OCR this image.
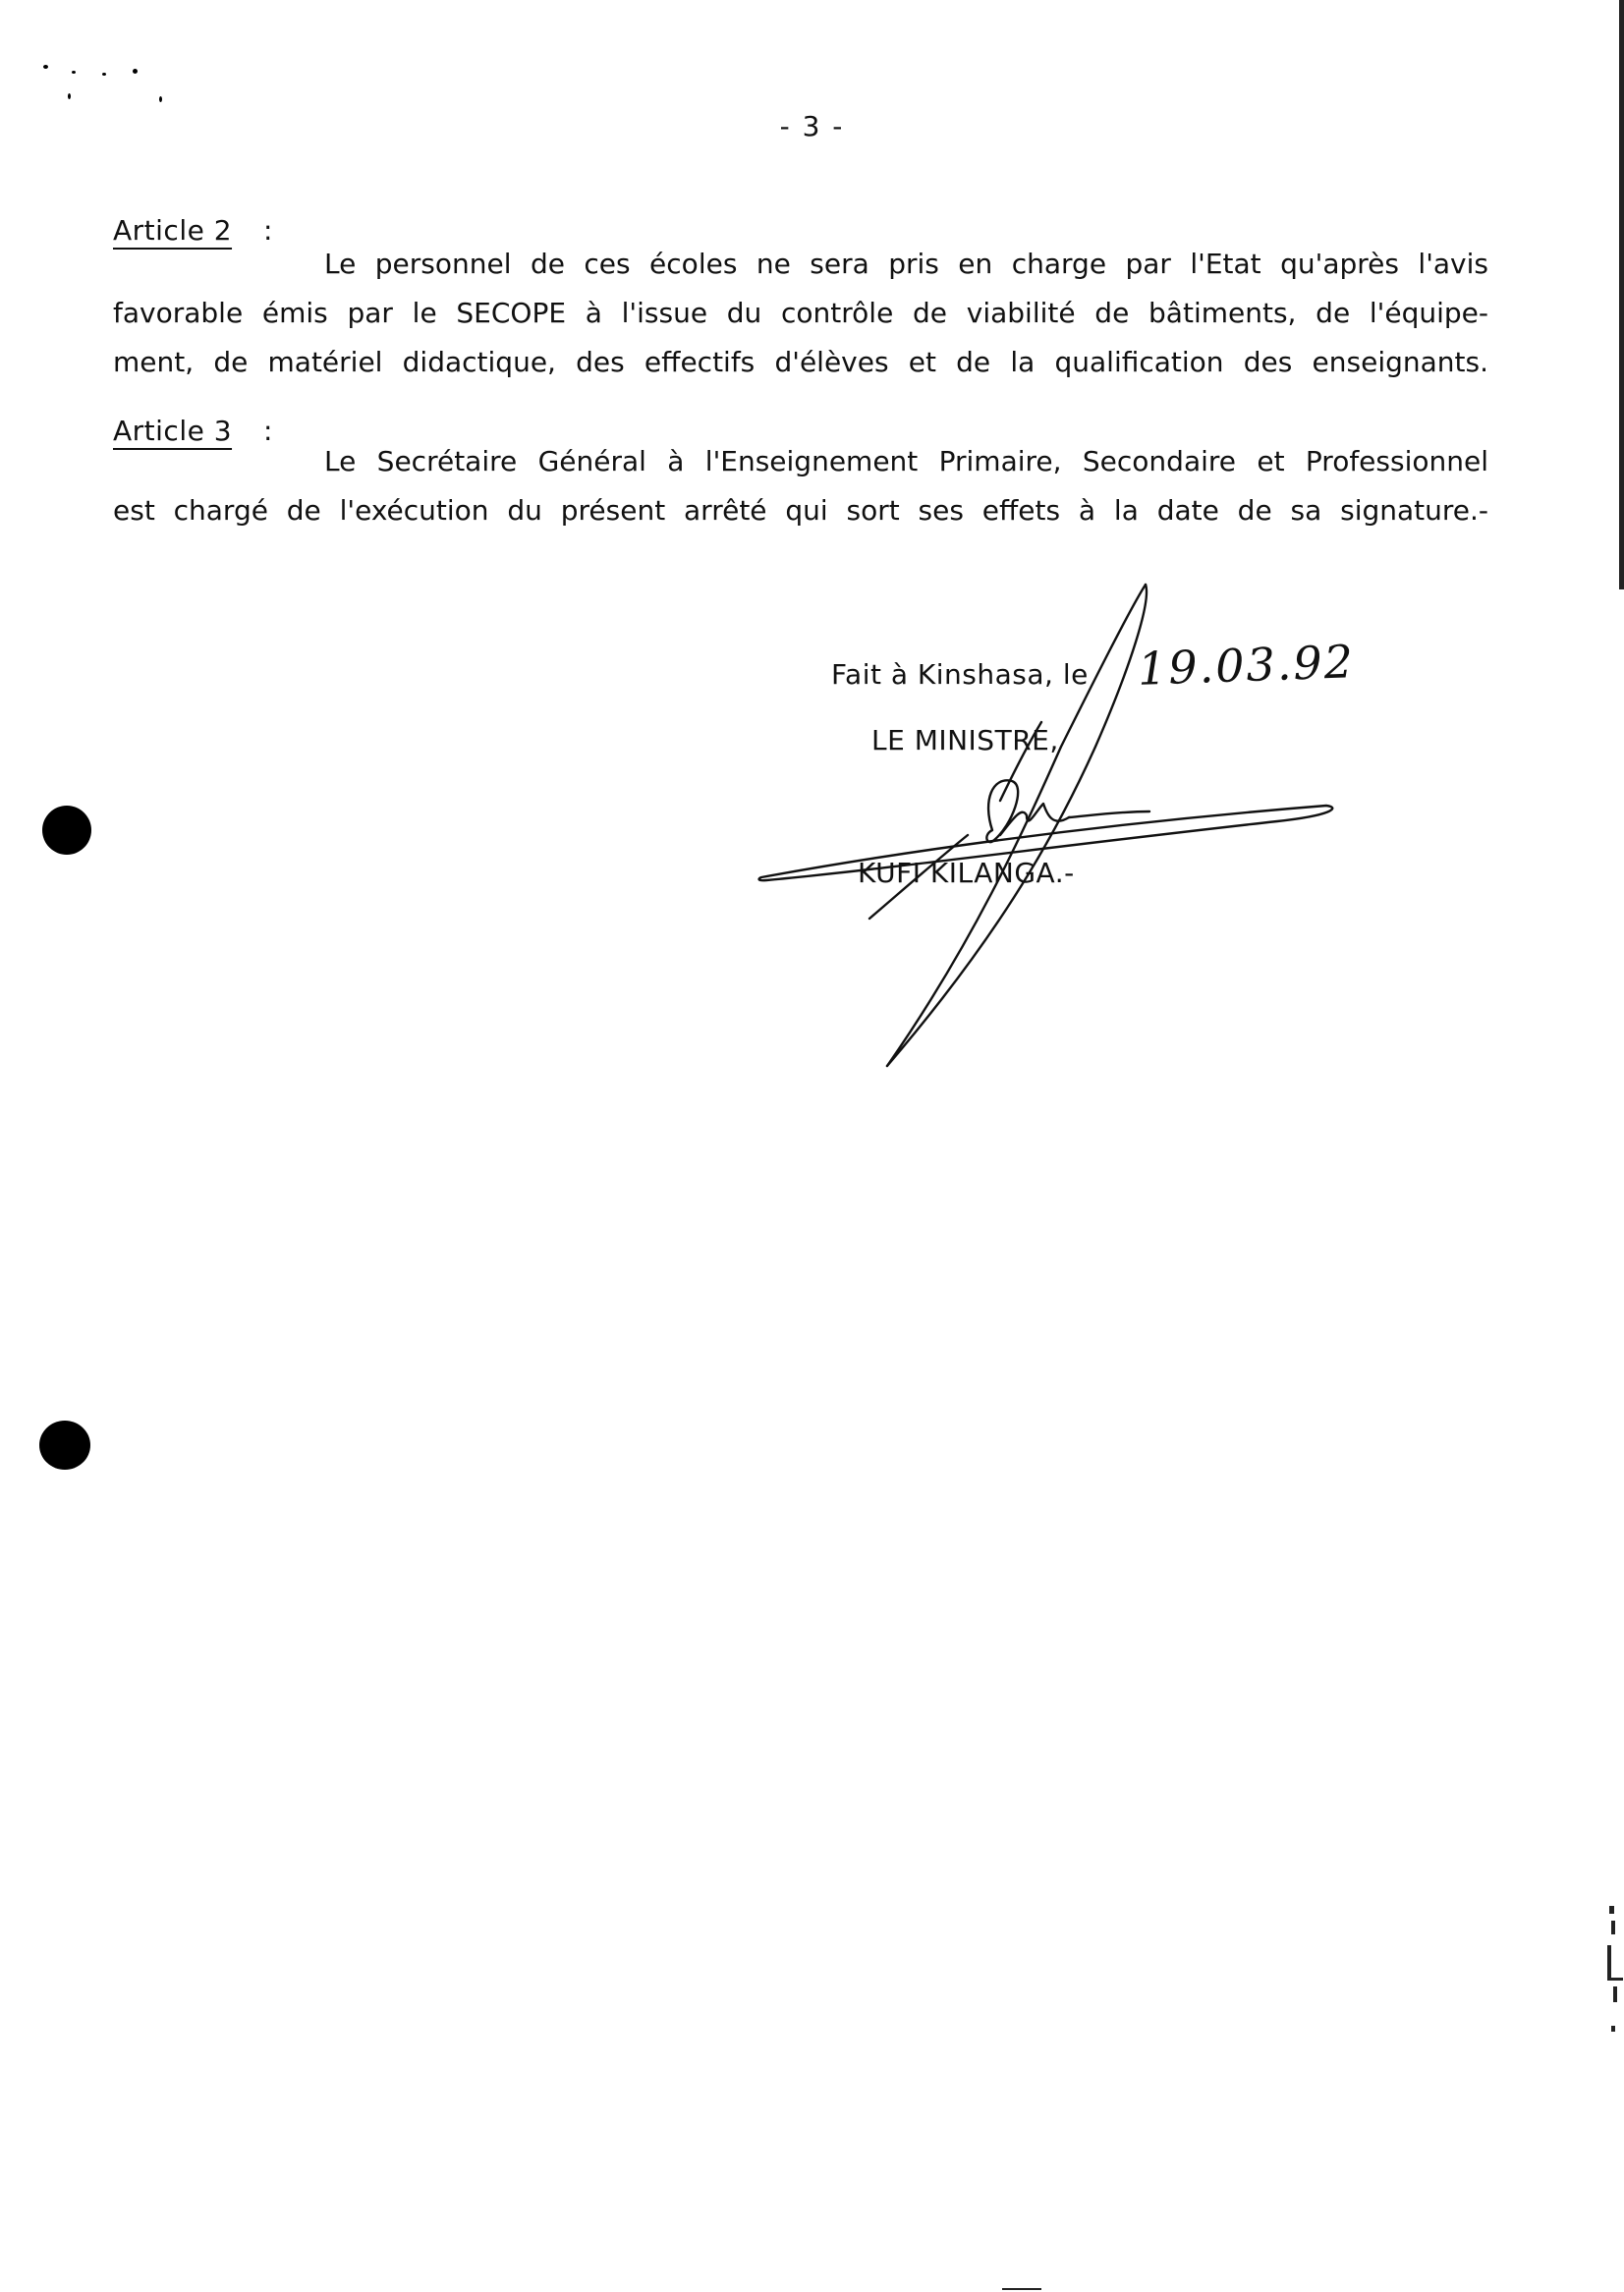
- 3 -
Article 2 :
Le personnel de ces écoles ne sera pris en charge par l'Etat qu'après l'avis
favorable émis par le SECOPE à l'issue du contrôle de viabilité de bâtiments, de l'équipe-
ment, de matériel didactique, des effectifs d'élèves et de la qualification des enseignants.
Article 3 :
Le Secrétaire Général à l'Enseignement Primaire, Secondaire et Professionnel
est chargé de l'exécution du présent arrêté qui sort ses effets à la date de sa signature.-
Fait à Kinshasa, le 19.03.92
LE MINISTRE,
KUFI KILANGA.-
